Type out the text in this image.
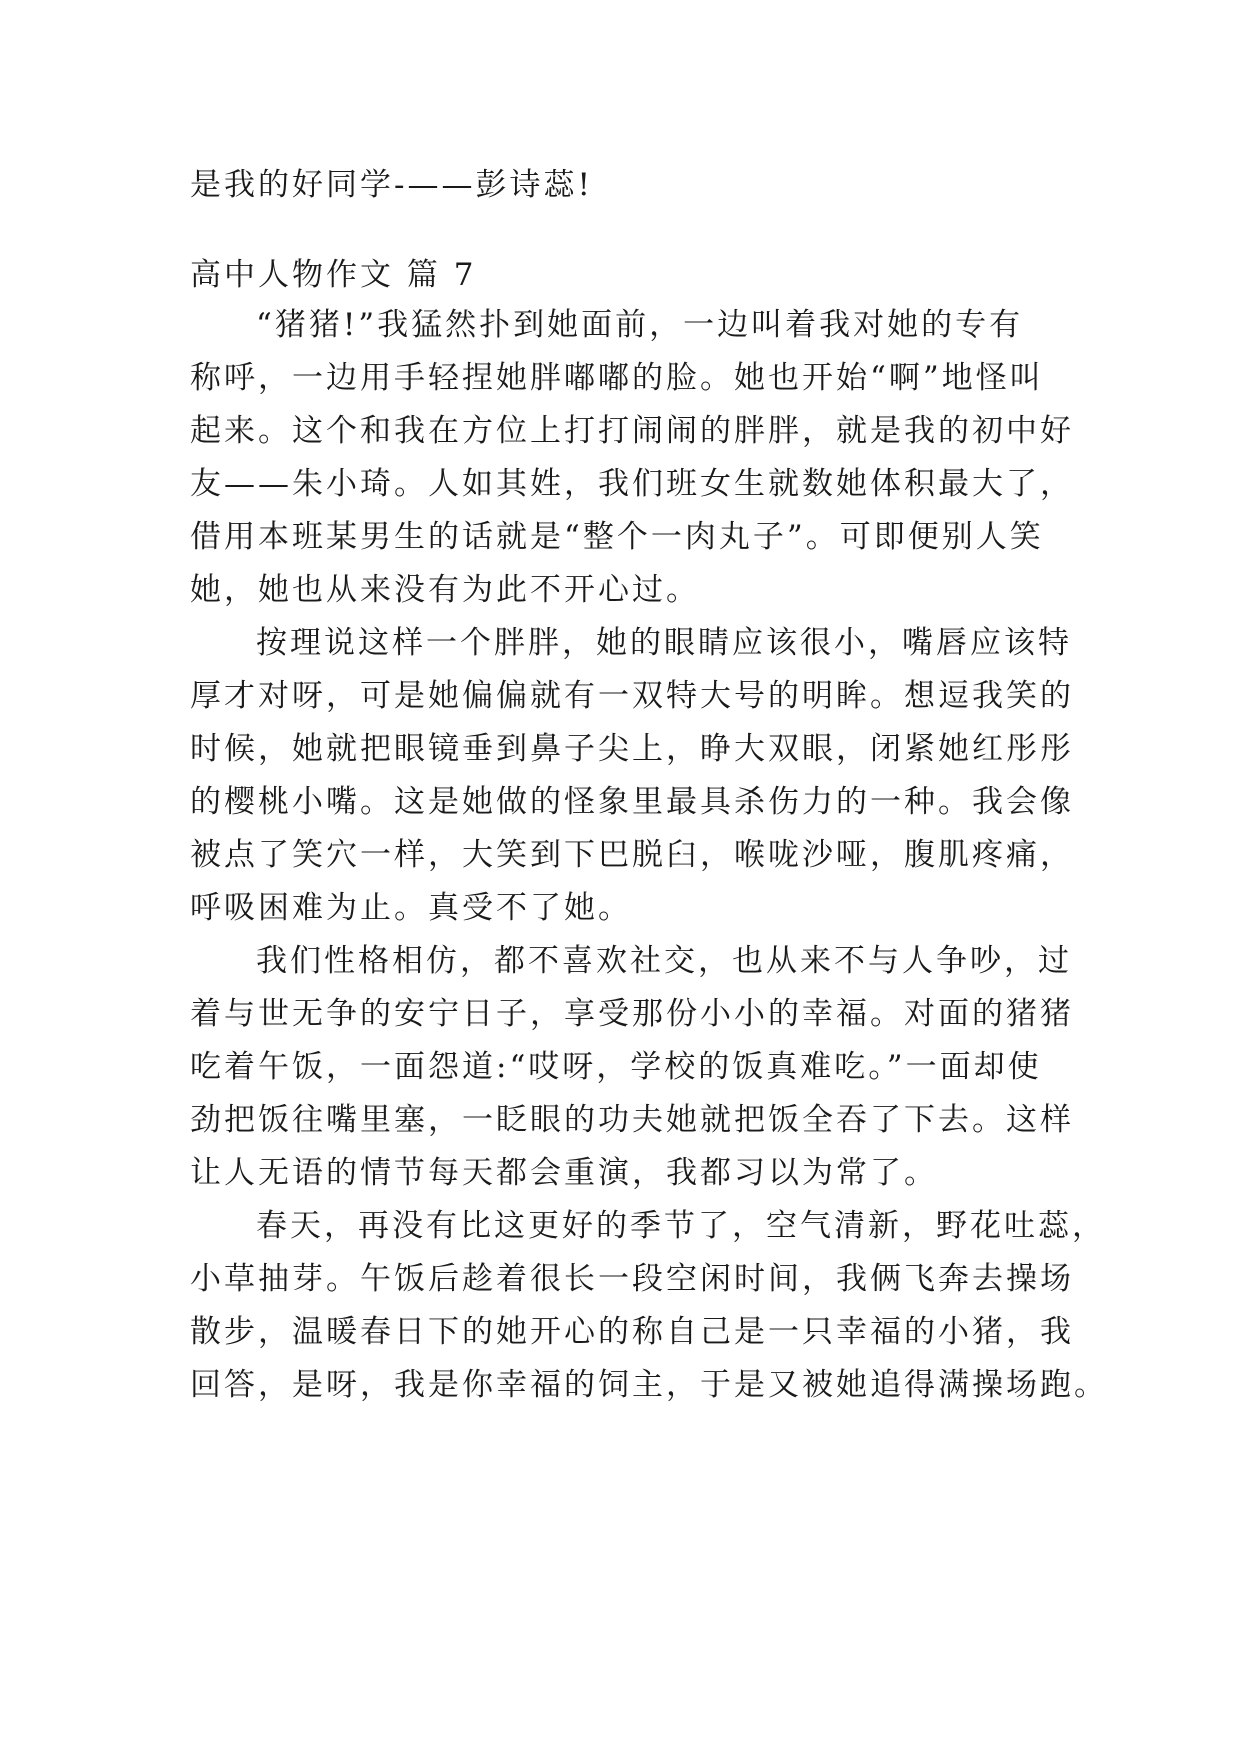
是我的好同学-——彭诗蕊!

高中人物作文 篇 7

“猪猪!”我猛然扑到她面前，一边叫着我对她的专有

称呼，一边用手轻捏她胖嘟嘟的脸。她也开始“啊”地怪叫

起来。这个和我在方位上打打闹闹的胖胖，就是我的初中好

友——朱小琦。人如其姓，我们班女生就数她体积最大了，

借用本班某男生的话就是“整个一肉丸子”。可即便别人笑

她，她也从来没有为此不开心过。

按理说这样一个胖胖，她的眼睛应该很小，嘴唇应该特

厚才对呀，可是她偏偏就有一双特大号的明眸。想逗我笑的

时候，她就把眼镜垂到鼻子尖上，睁大双眼，闭紧她红彤彤

的樱桃小嘴。这是她做的怪象里最具杀伤力的一种。我会像

被点了笑穴一样，大笑到下巴脱臼，喉咙沙哑，腹肌疼痛，

呼吸困难为止。真受不了她。

我们性格相仿，都不喜欢社交，也从来不与人争吵，过

着与世无争的安宁日子，享受那份小小的幸福。对面的猪猪

吃着午饭，一面怨道:“哎呀，学校的饭真难吃。”一面却使

劲把饭往嘴里塞，一眨眼的功夫她就把饭全吞了下去。这样

让人无语的情节每天都会重演，我都习以为常了。

春天，再没有比这更好的季节了，空气清新，野花吐蕊，

小草抽芽。午饭后趁着很长一段空闲时间，我俩飞奔去操场

散步，温暖春日下的她开心的称自己是一只幸福的小猪，我

回答，是呀，我是你幸福的饲主，于是又被她追得满操场跑。
